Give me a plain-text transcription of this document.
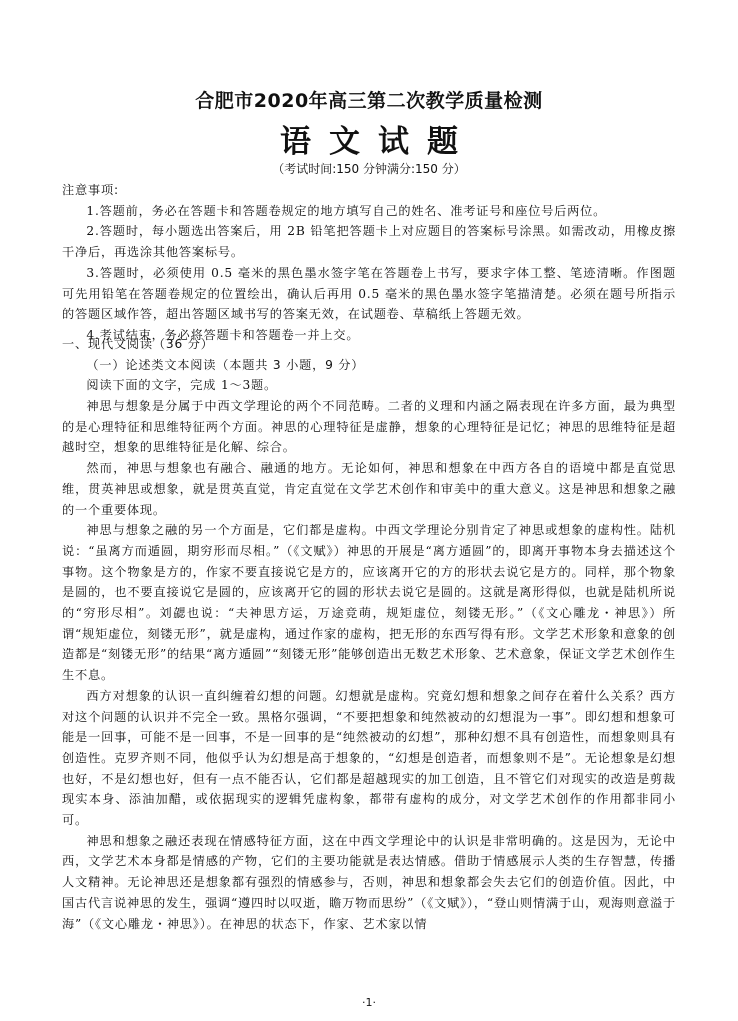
合肥市2020年高三第二次教学质量检测
语文试题
（考试时间:150 分钟满分:150 分）

注意事项:

1.答题前，务必在答题卡和答题卷规定的地方填写自己的姓名、准考证号和座位号后两位。

2.答题时，每小题选出答案后，用 2B 铅笔把答题卡上对应题目的答案标号涂黑。如需改动，用橡皮擦干净后，再选涂其他答案标号。

3.答题时，必须使用 0.5 毫米的黑色墨水签字笔在答题卷上书写，要求字体工整、笔迹清晰。作图题可先用铅笔在答题卷规定的位置绘出，确认后再用 0.5 毫米的黑色墨水签字笔描清楚。必须在题号所指示的答题区域作答，超出答题区域书写的答案无效，在试题卷、草稿纸上答题无效。

4.考试结束，务必将答题卡和答题卷一并上交。

一、现代文阅读（36 分）

（一）论述类文本阅读（本题共 3 小题，9 分）

阅读下面的文字，完成 1～3题。

神思与想象是分属于中西文学理论的两个不同范畴。二者的义理和内涵之隔表现在许多方面，最为典型的是心理特征和思维特征两个方面。神思的心理特征是虚静，想象的心理特征是记忆；神思的思维特征是超越时空，想象的思维特征是化解、综合。

然而，神思与想象也有融合、融通的地方。无论如何，神思和想象在中西方各自的语境中都是直觉思维，贯英神思或想象，就是贯英直觉，肯定直觉在文学艺术创作和审美中的重大意义。这是神思和想象之融的一个重要体现。

神思与想象之融的另一个方面是，它们都是虚构。中西文学理论分别肯定了神思或想象的虚构性。陆机说：“虽离方而遁圆，期穷形而尽相。”（《文赋》）神思的开展是“离方遁圆”的，即离开事物本身去描述这个事物。这个物象是方的，作家不要直接说它是方的，应该离开它的方的形状去说它是方的。同样，那个物象是圆的，也不要直接说它是圆的，应该离开它的圆的形状去说它是圆的。这就是离形得似，也就是陆机所说的“穷形尽相”。刘勰也说：“夫神思方运，万途竞萌，规矩虚位，刻镂无形。”（《文心雕龙・神思》）所谓“规矩虚位，刻镂无形”，就是虚构，通过作家的虚构，把无形的东西写得有形。文学艺术形象和意象的创造都是“刻镂无形”的结果“离方遁圆”“刻镂无形”能够创造出无数艺术形象、艺术意象，保证文学艺术创作生生不息。

西方对想象的认识一直纠缠着幻想的问题。幻想就是虚构。究竟幻想和想象之间存在着什么关系？西方对这个问题的认识并不完全一致。黑格尔强调，“不要把想象和纯然被动的幻想混为一事”。即幻想和想象可能是一回事，可能不是一回事，不是一回事的是“纯然被动的幻想”，那种幻想不具有创造性，而想象则具有创造性。克罗齐则不同，他似乎认为幻想是高于想象的，“幻想是创造者，而想象则不是”。无论想象是幻想也好，不是幻想也好，但有一点不能否认，它们都是超越现实的加工创造，且不管它们对现实的改造是剪裁现实本身、添油加醋，或依据现实的逻辑凭虚构象，都带有虚构的成分，对文学艺术创作的作用都非同小可。

神思和想象之融还表现在情感特征方面，这在中西文学理论中的认识是非常明确的。这是因为，无论中西，文学艺术本身都是情感的产物，它们的主要功能就是表达情感。借助于情感展示人类的生存智慧，传播人文精神。无论神思还是想象都有强烈的情感参与，否则，神思和想象都会失去它们的创造价值。因此，中国古代言说神思的发生，强调“遵四时以叹逝，瞻万物而思纷”（《文赋》），“登山则情满于山，观海则意溢于海”（《文心雕龙・神思》）。在神思的状态下，作家、艺术家以情

·1·
